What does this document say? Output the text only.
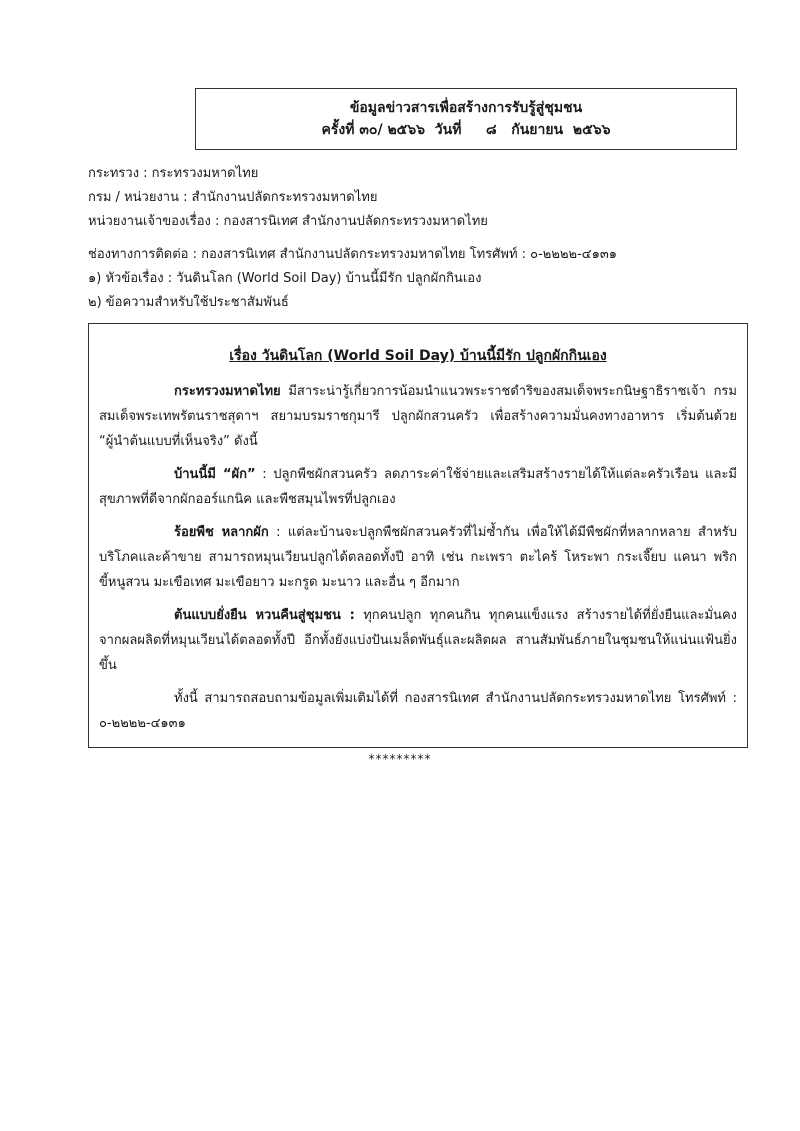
ข้อมูลข่าวสารเพื่อสร้างการรับรู้สู่ชุมชน
ครั้งที่ ๓๐/ ๒๕๖๖  วันที่     ๘   กันยายน  ๒๕๖๖
กระทรวง : กระทรวงมหาดไทย
กรม / หน่วยงาน : สำนักงานปลัดกระทรวงมหาดไทย
หน่วยงานเจ้าของเรื่อง : กองสารนิเทศ สำนักงานปลัดกระทรวงมหาดไทย
ช่องทางการติดต่อ : กองสารนิเทศ สำนักงานปลัดกระทรวงมหาดไทย โทรศัพท์ : ๐-๒๒๒๒-๔๑๓๑
๑) หัวข้อเรื่อง : วันดินโลก (World Soil Day) บ้านนี้มีรัก ปลูกผักกินเอง
๒) ข้อความสำหรับใช้ประชาสัมพันธ์
เรื่อง วันดินโลก (World Soil Day) บ้านนี้มีรัก ปลูกผักกินเอง

กระทรวงมหาดไทย มีสาระน่ารู้เกี่ยวการน้อมนำแนวพระราชดำริของสมเด็จพระกนิษฐาธิราชเจ้า กรมสมเด็จพระเทพรัตนราชสุดาฯ สยามบรมราชกุมารี ปลูกผักสวนครัว เพื่อสร้างความมั่นคงทางอาหาร เริ่มต้นด้วย “ผู้นำต้นแบบที่เห็นจริง” ดังนี้

บ้านนี้มี “ผัก” : ปลูกพืชผักสวนครัว ลดภาระค่าใช้จ่ายและเสริมสร้างรายได้ให้แต่ละครัวเรือน และมีสุขภาพที่ดีจากผักออร์แกนิค และพืชสมุนไพรที่ปลูกเอง

ร้อยพืช หลากผัก : แต่ละบ้านจะปลูกพืชผักสวนครัวที่ไม่ซ้ำกัน เพื่อให้ได้มีพืชผักที่หลากหลาย สำหรับบริโภคและค้าขาย สามารถหมุนเวียนปลูกได้ตลอดทั้งปี อาทิ เช่น กะเพรา ตะไคร้ โหระพา กระเจี๊ยบ แคนา พริกขี้หนูสวน มะเขือเทศ มะเขือยาว มะกรูด มะนาว และอื่น ๆ อีกมาก

ต้นแบบยั่งยืน หวนคืนสู่ชุมชน : ทุกคนปลูก ทุกคนกิน ทุกคนแข็งแรง สร้างรายได้ที่ยั่งยืนและมั่นคง จากผลผลิตที่หมุนเวียนได้ตลอดทั้งปี อีกทั้งยังแบ่งปันเมล็ดพันธุ์และผลิตผล สานสัมพันธ์ภายในชุมชนให้แน่นแฟ้นยิ่งขึ้น

ทั้งนี้ สามารถสอบถามข้อมูลเพิ่มเติมได้ที่ กองสารนิเทศ สำนักงานปลัดกระทรวงมหาดไทย โทรศัพท์ : ๐-๒๒๒๒-๔๑๓๑

*********
